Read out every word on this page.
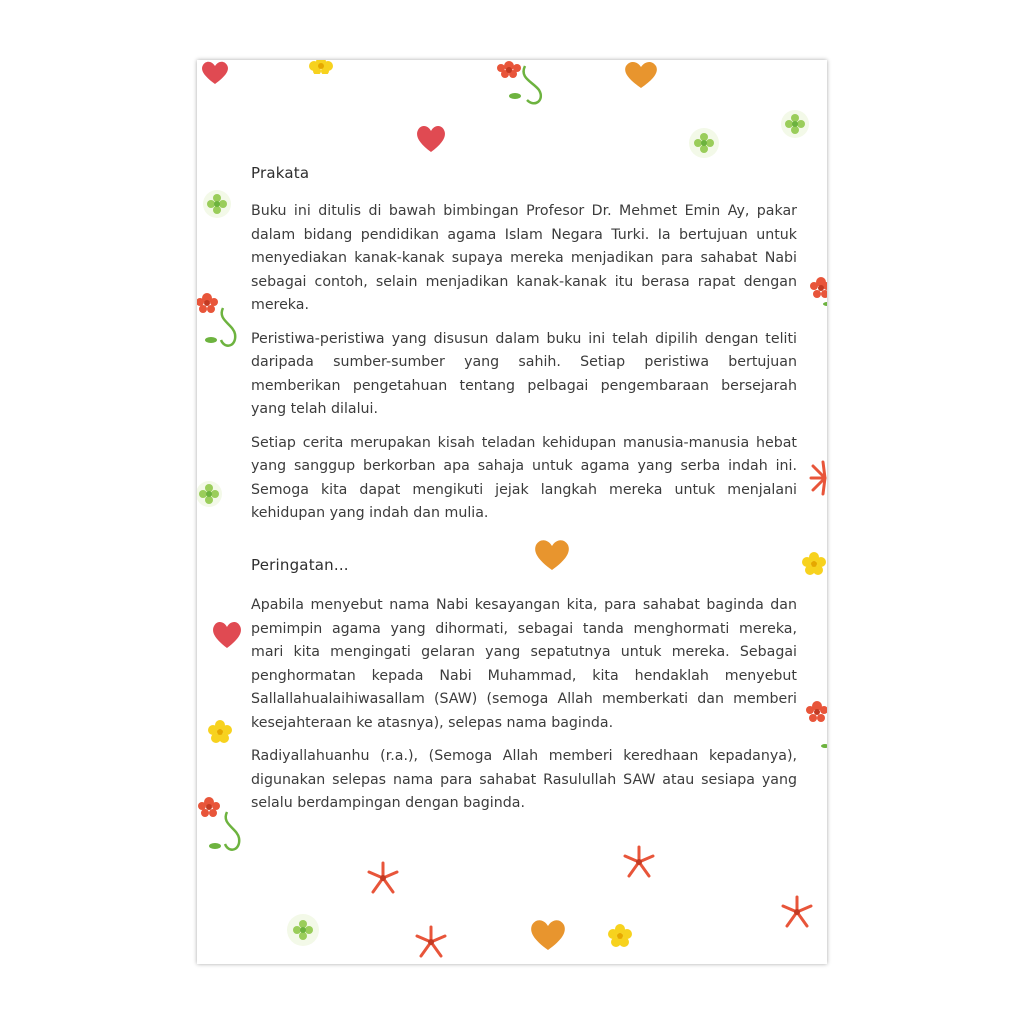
Prakata

Buku ini ditulis di bawah bimbingan Profesor Dr. Mehmet Emin Ay, pakar dalam bidang pendidikan agama Islam Negara Turki. Ia bertujuan untuk menyediakan kanak-kanak supaya mereka menjadikan para sahabat Nabi sebagai contoh, selain menjadikan kanak-kanak itu berasa rapat dengan mereka.

Peristiwa-peristiwa yang disusun dalam buku ini telah dipilih dengan teliti daripada sumber-sumber yang sahih. Setiap peristiwa bertujuan memberikan pengetahuan tentang pelbagai pengembaraan bersejarah yang telah dilalui.

Setiap cerita merupakan kisah teladan kehidupan manusia-manusia hebat yang sanggup berkorban apa sahaja untuk agama yang serba indah ini. Semoga kita dapat mengikuti jejak langkah mereka untuk menjalani kehidupan yang indah dan mulia.

Peringatan...

Apabila menyebut nama Nabi kesayangan kita, para sahabat baginda dan pemimpin agama yang dihormati, sebagai tanda menghormati mereka, mari kita mengingati gelaran yang sepatutnya untuk mereka. Sebagai penghormatan kepada Nabi Muhammad, kita hendaklah menyebut Sallallahualaihiwasallam (SAW) (semoga Allah memberkati dan memberi kesejahteraan ke atasnya), selepas nama baginda.

Radiyallahuanhu (r.a.), (Semoga Allah memberi keredhaan kepadanya), digunakan selepas nama para sahabat Rasulullah SAW atau sesiapa yang selalu berdampingan dengan baginda.
